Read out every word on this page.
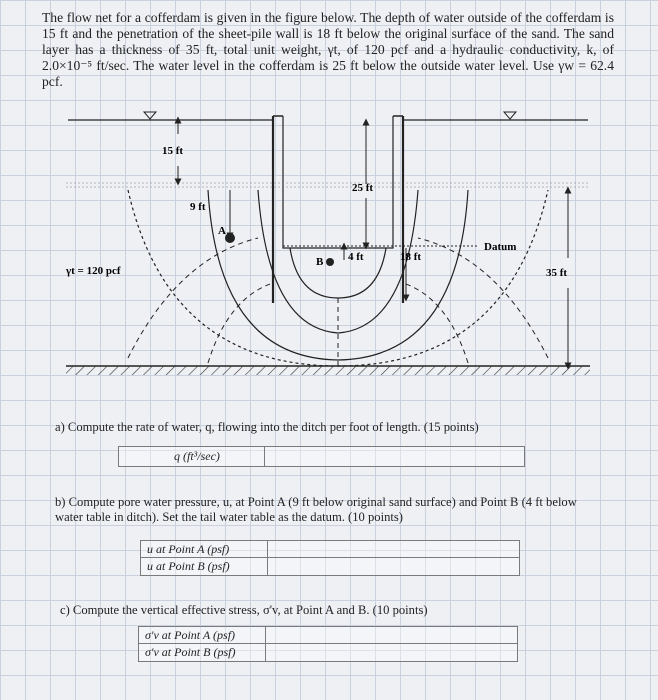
The flow net for a cofferdam is given in the figure below. The depth of water outside of the cofferdam is 15 ft and the penetration of the sheet-pile wall is 18 ft below the original surface of the sand. The sand layer has a thickness of 35 ft, total unit weight, γt, of 120 pcf and a hydraulic conductivity, k, of 2.0×10⁻⁵ ft/sec. The water level in the cofferdam is 25 ft below the outside water level. Use γw = 62.4 pcf.
15 ft
9 ft
25 ft
18 ft
4 ft
35 ft
A
B
Datum
γt = 120 pcf
a) Compute the rate of water, q, flowing into the ditch per foot of length. (15 points)
q (ft³/sec)
b) Compute pore water pressure, u, at Point A (9 ft below original sand surface) and Point B (4 ft below water table in ditch). Set the tail water table as the datum. (10 points)
u at Point A (psf)
u at Point B (psf)
c) Compute the vertical effective stress, σ'v, at Point A and B. (10 points)
σ'v at Point A (psf)
σ'v at Point B (psf)
